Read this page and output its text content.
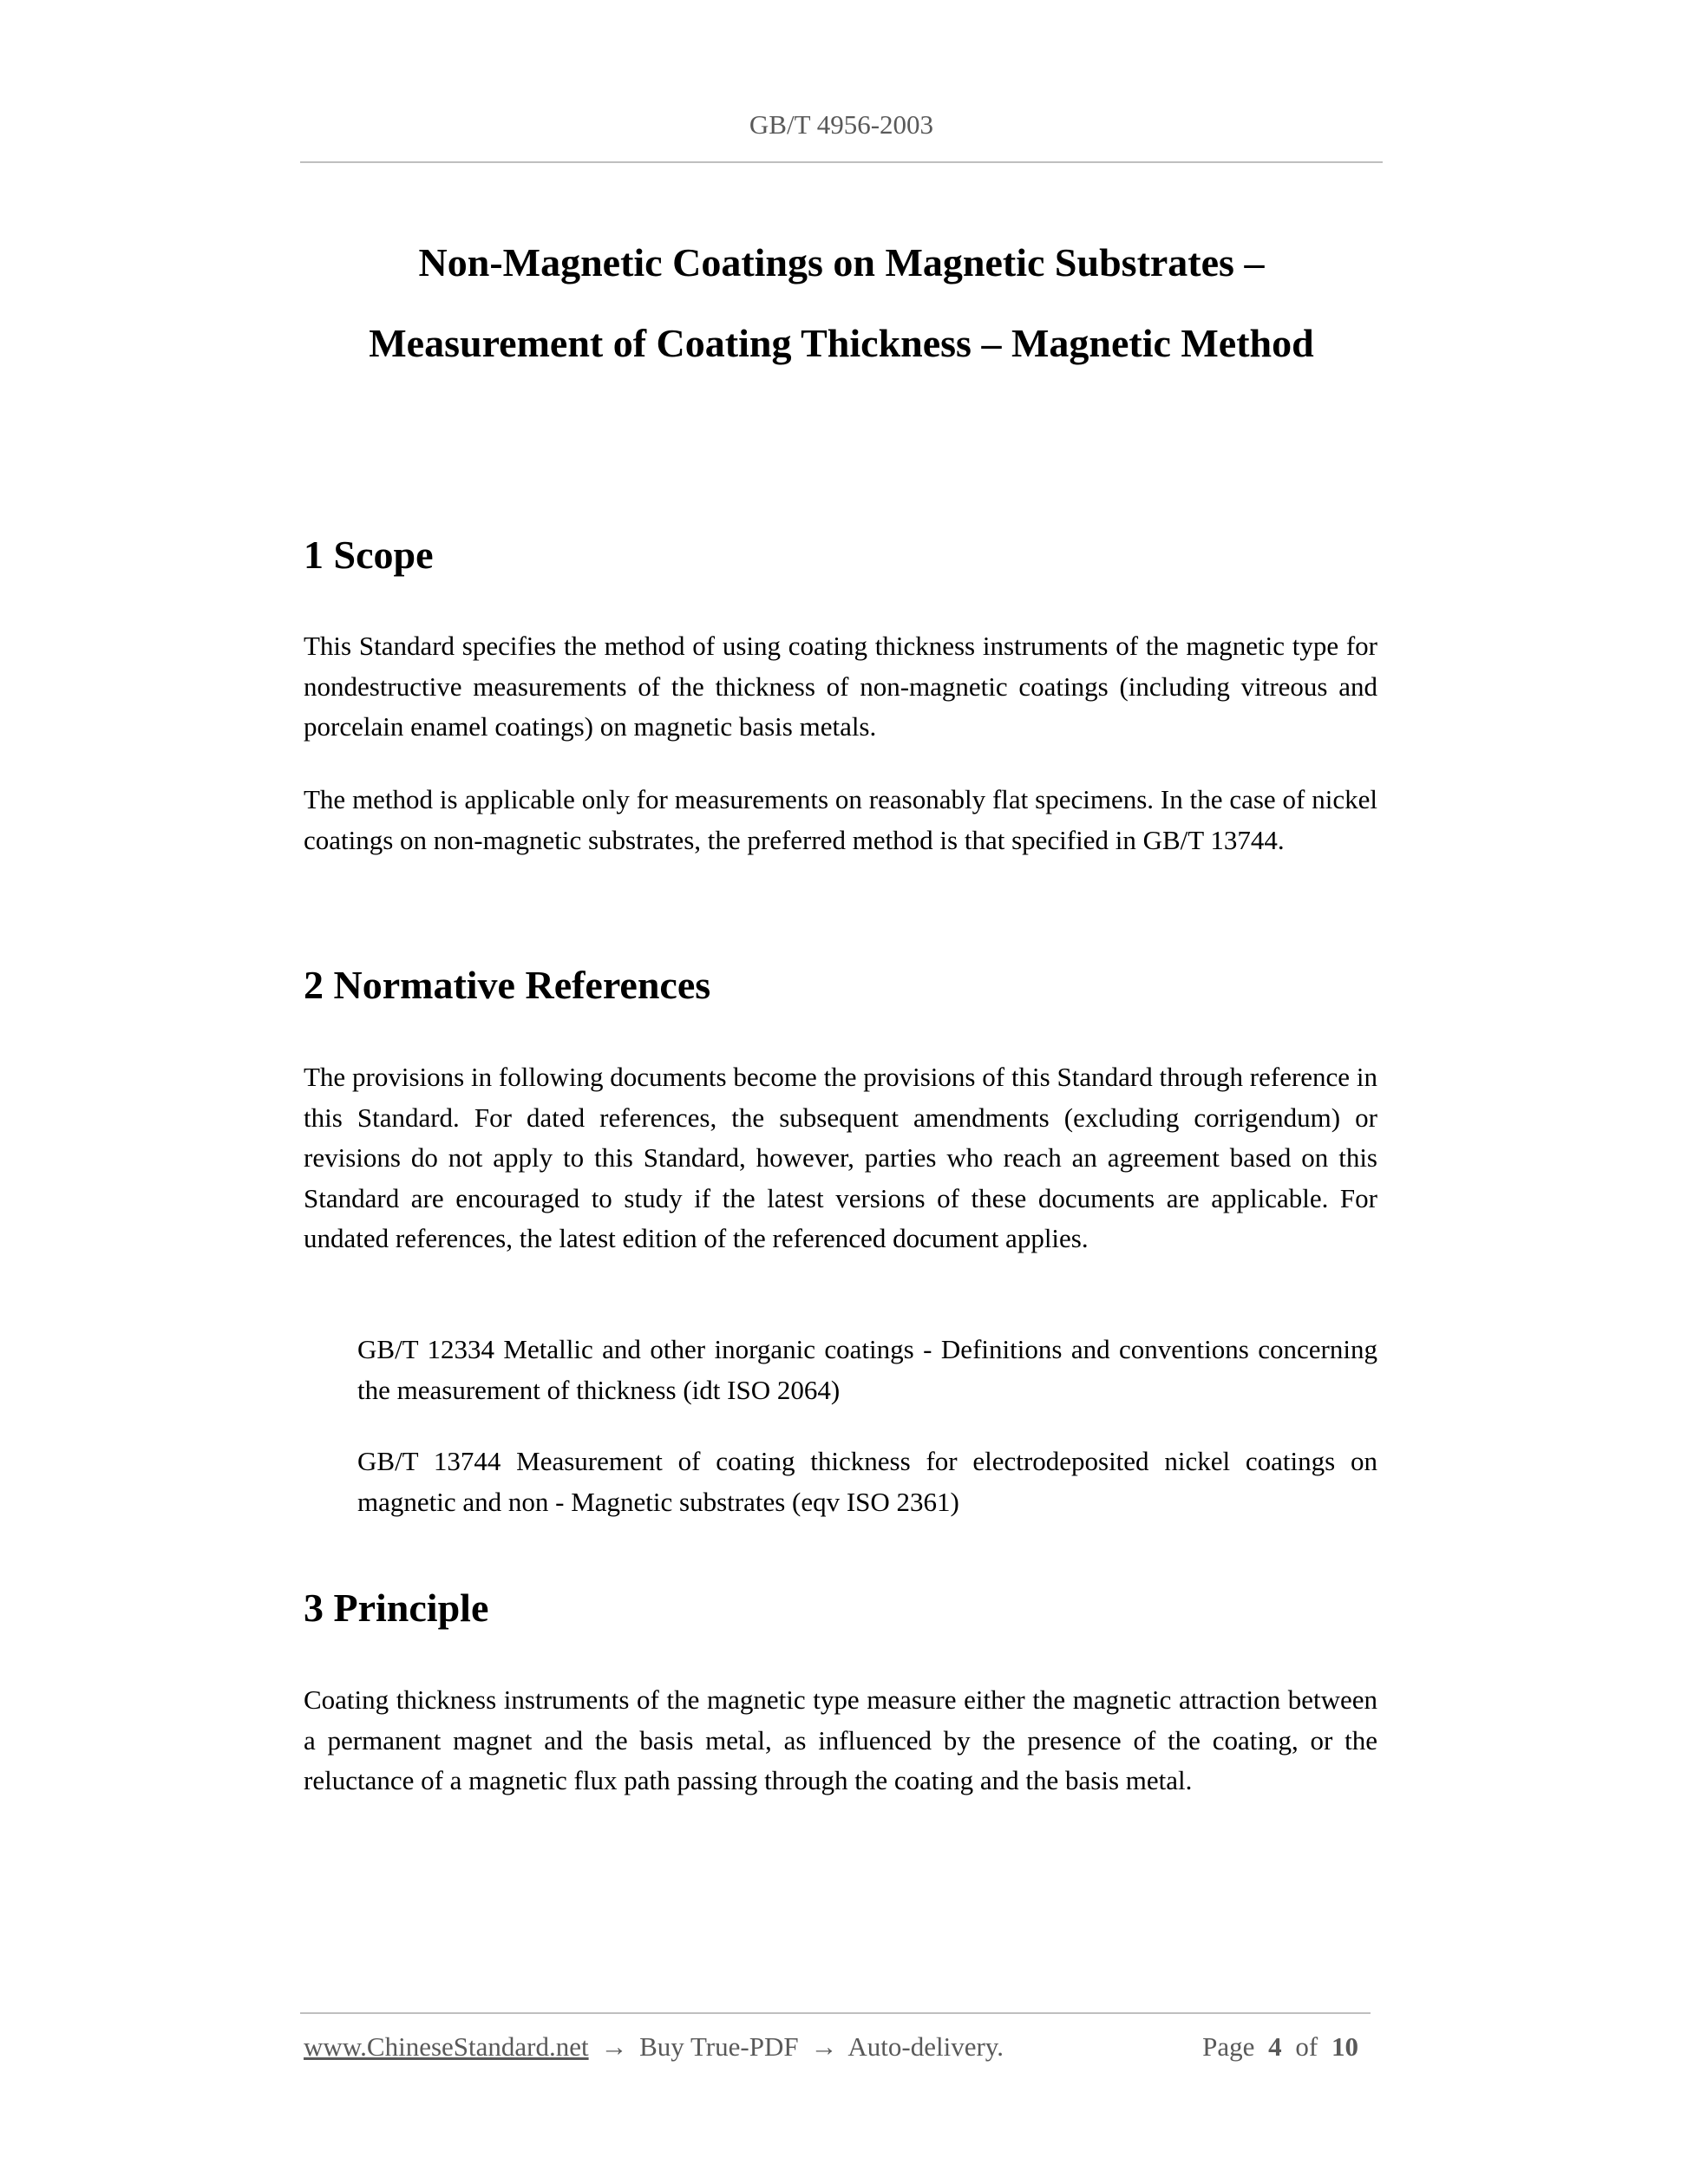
GB/T 4956-2003
Non-Magnetic Coatings on Magnetic Substrates –
Measurement of Coating Thickness – Magnetic Method
1 Scope

This Standard specifies the method of using coating thickness instruments of the magnetic type for nondestructive measurements of the thickness of non-magnetic coatings (including vitreous and porcelain enamel coatings) on magnetic basis metals.

The method is applicable only for measurements on reasonably flat specimens. In the case of nickel coatings on non-magnetic substrates, the preferred method is that specified in GB/T 13744.

2 Normative References

The provisions in following documents become the provisions of this Standard through reference in this Standard. For dated references, the subsequent amendments (excluding corrigendum) or revisions do not apply to this Standard, however, parties who reach an agreement based on this Standard are encouraged to study if the latest versions of these documents are applicable. For undated references, the latest edition of the referenced document applies.

GB/T 12334 Metallic and other inorganic coatings - Definitions and conventions concerning the measurement of thickness (idt ISO 2064)

GB/T 13744 Measurement of coating thickness for electrodeposited nickel coatings on magnetic and non - Magnetic substrates (eqv ISO 2361)

3 Principle

Coating thickness instruments of the magnetic type measure either the magnetic attraction between a permanent magnet and the basis metal, as influenced by the presence of the coating, or the reluctance of a magnetic flux path passing through the coating and the basis metal.

www.ChineseStandard.net → Buy True-PDF → Auto-delivery.	Page 4 of 10
